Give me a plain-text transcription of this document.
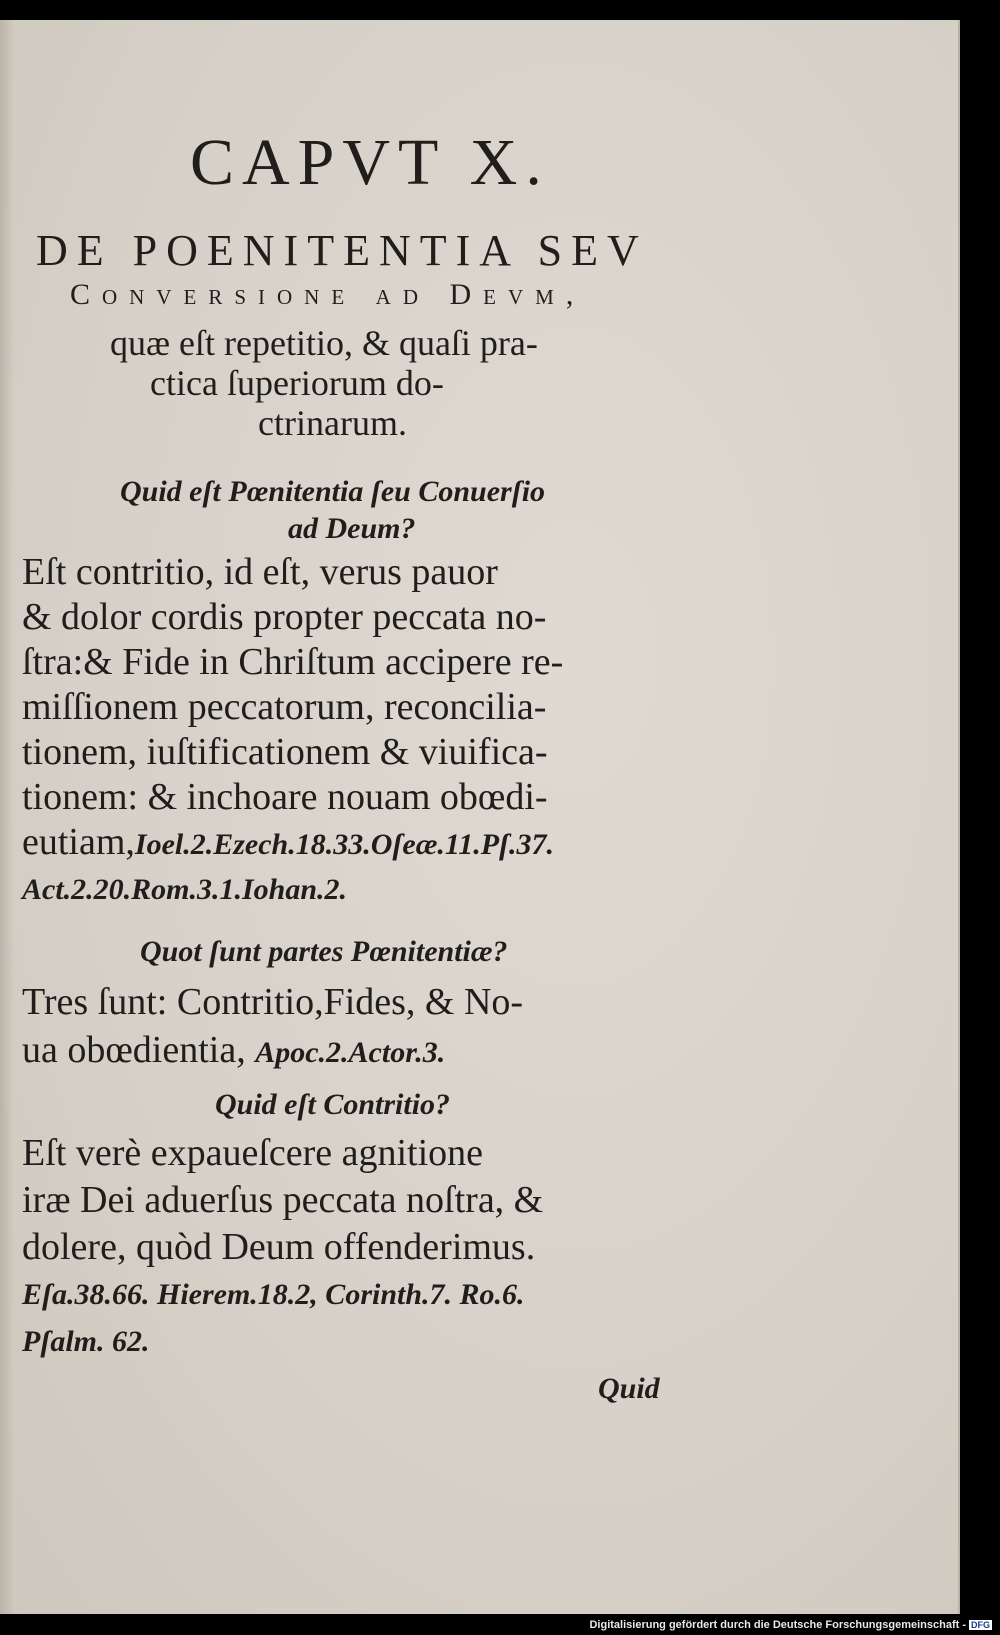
CAPVT X.
DE POENITENTIA SEV
Conversione ad Devm,
quæ eſt repetitio, & quaſi pra-
ctica ſuperiorum do-
ctrinarum.
Quid eſt Pœnitentia ſeu Conuerſio
ad Deum?
Eſt contritio, id eſt, verus pauor
& dolor cordis propter peccata no-
ſtra:& Fide in Chriſtum accipere re-
miſſionem peccatorum, reconcilia-
tionem, iuſtificationem & viuifica-
tionem: & inchoare nouam obœdi-
eutiam,Ioel.2.Ezech.18.33.Oſeæ.11.Pſ.37.
Act.2.20.Rom.3.1.Iohan.2.
Quot ſunt partes Pœnitentiæ?
Tres ſunt: Contritio,Fides, & No-
ua obœdientia, Apoc.2.Actor.3.
Quid eſt Contritio?
Eſt verè expaueſcere agnitione
iræ Dei aduerſus peccata noſtra, &
dolere, quòd Deum offenderimus.
Eſa.38.66. Hierem.18.2, Corinth.7. Ro.6.
Pſalm. 62.
Quid
Digitalisierung gefördert durch die Deutsche Forschungsgemeinschaft - DFG
